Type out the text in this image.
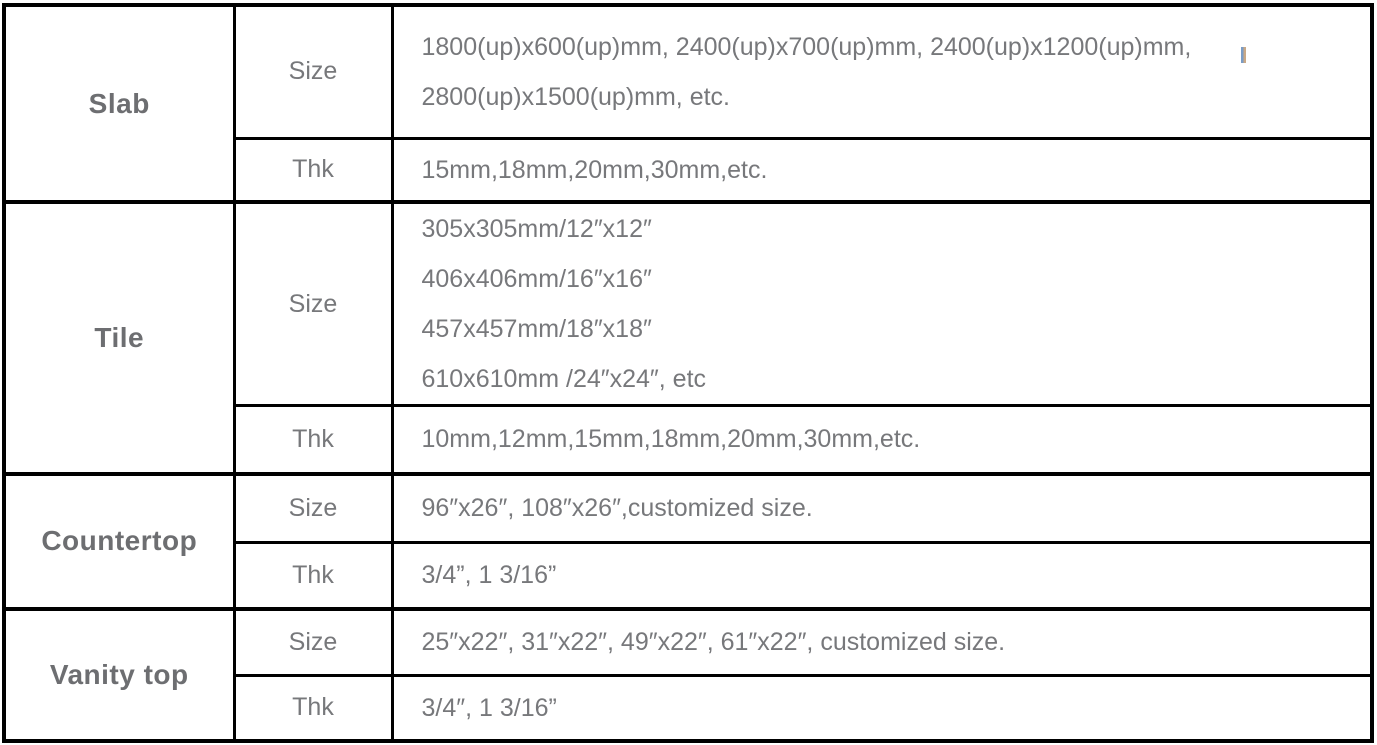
Slab	Size	1800(up)x600(up)mm, 2400(up)x700(up)mm, 2400(up)x1200(up)mm,
2800(up)x1500(up)mm, etc.

	Thk	15mm,18mm,20mm,30mm,etc.

Tile	Size	305x305mm/12″x12″
406x406mm/16″x16″
457x457mm/18″x18″
610x610mm /24″x24″, etc

	Thk	10mm,12mm,15mm,18mm,20mm,30mm,etc.

Countertop	Size	96″x26″, 108″x26″,customized size.

	Thk	3/4”, 1 3/16”

Vanity top	Size	25″x22″, 31″x22″, 49″x22″, 61″x22″, customized size.

	Thk	3/4″, 1 3/16”
